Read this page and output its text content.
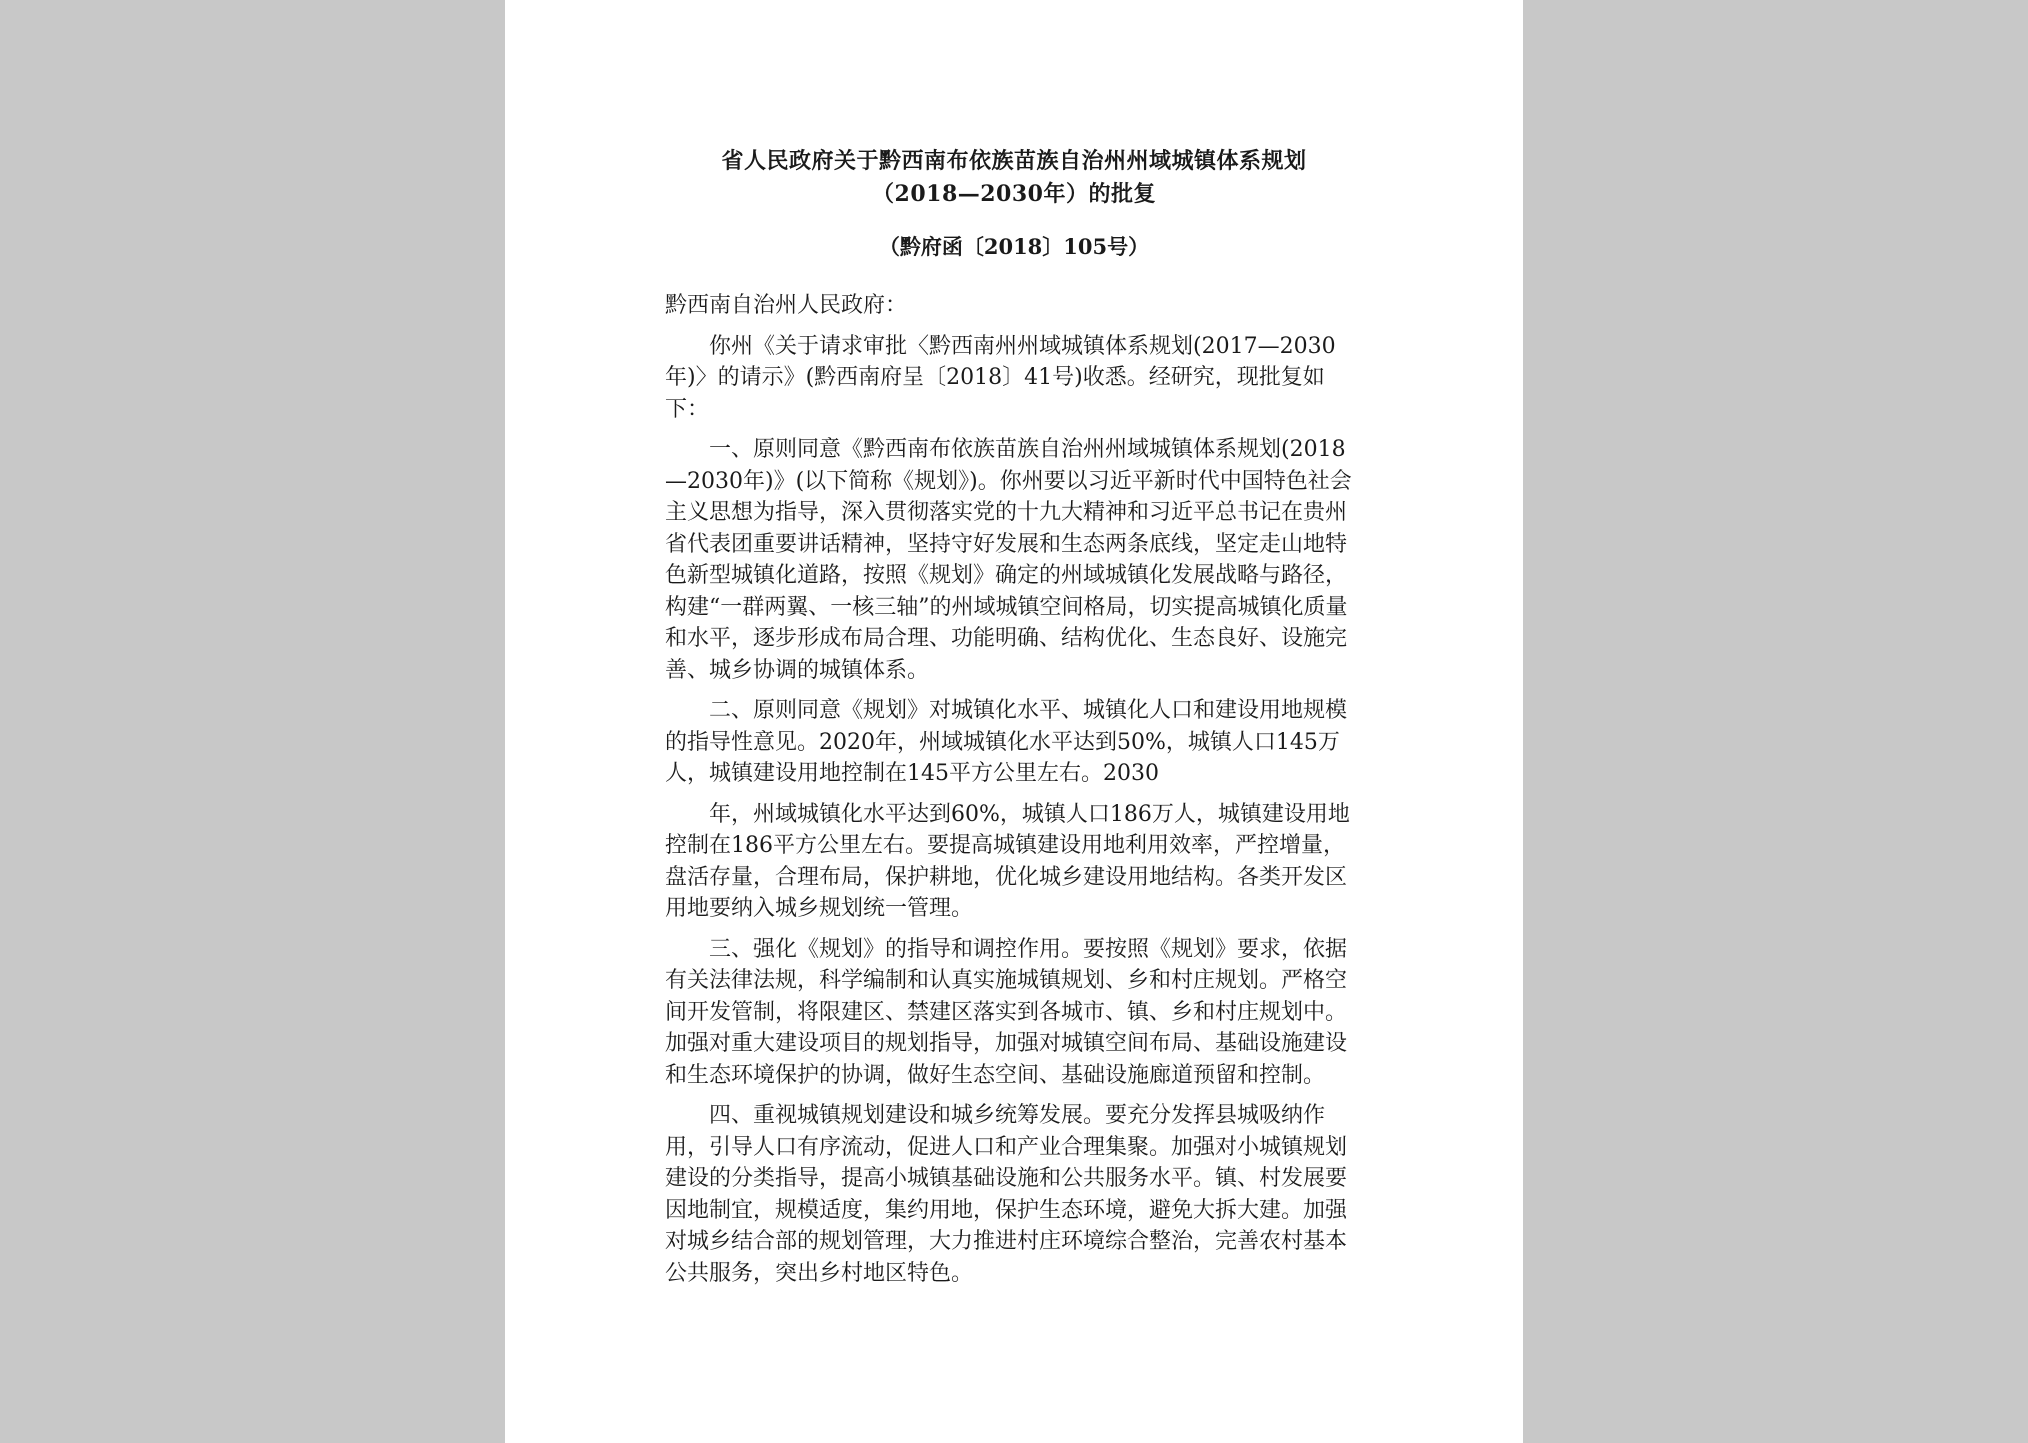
省人民政府关于黔西南布依族苗族自治州州域城镇体系规划
（2018—2030年）的批复
（黔府函〔2018〕105号）

黔西南自治州人民政府：

你州《关于请求审批〈黔西南州州域城镇体系规划(2017—2030年)〉的请示》(黔西南府呈〔2018〕41号)收悉。经研究，现批复如下：

一、原则同意《黔西南布依族苗族自治州州域城镇体系规划(2018—2030年)》(以下简称《规划》)。你州要以习近平新时代中国特色社会主义思想为指导，深入贯彻落实党的十九大精神和习近平总书记在贵州省代表团重要讲话精神，坚持守好发展和生态两条底线，坚定走山地特色新型城镇化道路，按照《规划》确定的州域城镇化发展战略与路径，构建“一群两翼、一核三轴”的州域城镇空间格局，切实提高城镇化质量和水平，逐步形成布局合理、功能明确、结构优化、生态良好、设施完善、城乡协调的城镇体系。

二、原则同意《规划》对城镇化水平、城镇化人口和建设用地规模的指导性意见。2020年，州域城镇化水平达到50%，城镇人口145万人，城镇建设用地控制在145平方公里左右。2030

年，州域城镇化水平达到60%，城镇人口186万人，城镇建设用地控制在186平方公里左右。要提高城镇建设用地利用效率，严控增量，盘活存量，合理布局，保护耕地，优化城乡建设用地结构。各类开发区用地要纳入城乡规划统一管理。

三、强化《规划》的指导和调控作用。要按照《规划》要求，依据有关法律法规，科学编制和认真实施城镇规划、乡和村庄规划。严格空间开发管制，将限建区、禁建区落实到各城市、镇、乡和村庄规划中。加强对重大建设项目的规划指导，加强对城镇空间布局、基础设施建设和生态环境保护的协调，做好生态空间、基础设施廊道预留和控制。

四、重视城镇规划建设和城乡统筹发展。要充分发挥县城吸纳作用，引导人口有序流动，促进人口和产业合理集聚。加强对小城镇规划建设的分类指导，提高小城镇基础设施和公共服务水平。镇、村发展要因地制宜，规模适度，集约用地，保护生态环境，避免大拆大建。加强对城乡结合部的规划管理，大力推进村庄环境综合整治，完善农村基本公共服务，突出乡村地区特色。
